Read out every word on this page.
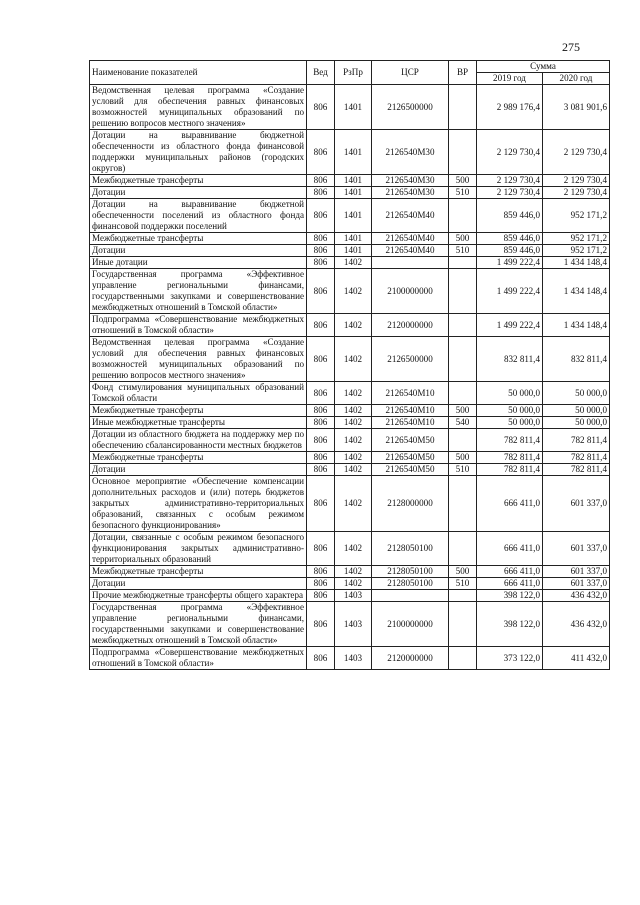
275
Наименование показателей	Вед	РзПр	ЦСР	ВР	Сумма	
					2019 год	2020 год
Ведомственная целевая программа «Создание условий для обеспечения равных финансовых возможностей муниципальных образований по решению вопросов местного значения»	806	1401	2126500000		2 989 176,4	3 081 901,6
Дотации на выравнивание бюджетной обеспеченности из областного фонда финансовой поддержки муниципальных районов (городских округов)	806	1401	2126540М30		2 129 730,4	2 129 730,4
Межбюджетные трансферты	806	1401	2126540М30	500	2 129 730,4	2 129 730,4
Дотации	806	1401	2126540М30	510	2 129 730,4	2 129 730,4
Дотации на выравнивание бюджетной обеспеченности поселений из областного фонда финансовой поддержки поселений	806	1401	2126540М40		859 446,0	952 171,2
Межбюджетные трансферты	806	1401	2126540М40	500	859 446,0	952 171,2
Дотации	806	1401	2126540М40	510	859 446,0	952 171,2
Иные дотации	806	1402			1 499 222,4	1 434 148,4
Государственная программа «Эффективное управление региональными финансами, государственными закупками и совершенствование межбюджетных отношений в Томской области»	806	1402	2100000000		1 499 222,4	1 434 148,4
Подпрограмма «Совершенствование межбюджетных отношений в Томской области»	806	1402	2120000000		1 499 222,4	1 434 148,4
Ведомственная целевая программа «Создание условий для обеспечения равных финансовых возможностей муниципальных образований по решению вопросов местного значения»	806	1402	2126500000		832 811,4	832 811,4
Фонд стимулирования муниципальных образований Томской области	806	1402	2126540М10		50 000,0	50 000,0
Межбюджетные трансферты	806	1402	2126540М10	500	50 000,0	50 000,0
Иные межбюджетные трансферты	806	1402	2126540М10	540	50 000,0	50 000,0
Дотации из областного бюджета на поддержку мер по обеспечению сбалансированности местных бюджетов	806	1402	2126540М50		782 811,4	782 811,4
Межбюджетные трансферты	806	1402	2126540М50	500	782 811,4	782 811,4
Дотации	806	1402	2126540М50	510	782 811,4	782 811,4
Основное мероприятие «Обеспечение компенсации дополнительных расходов и (или) потерь бюджетов закрытых административно-территориальных образований, связанных с особым режимом безопасного функционирования»	806	1402	2128000000		666 411,0	601 337,0
Дотации, связанные с особым режимом безопасного функционирования закрытых административно-территориальных образований	806	1402	2128050100		666 411,0	601 337,0
Межбюджетные трансферты	806	1402	2128050100	500	666 411,0	601 337,0
Дотации	806	1402	2128050100	510	666 411,0	601 337,0
Прочие межбюджетные трансферты общего характера	806	1403			398 122,0	436 432,0
Государственная программа «Эффективное управление региональными финансами, государственными закупками и совершенствование межбюджетных отношений в Томской области»	806	1403	2100000000		398 122,0	436 432,0
Подпрограмма «Совершенствование межбюджетных отношений в Томской области»	806	1403	2120000000		373 122,0	411 432,0
